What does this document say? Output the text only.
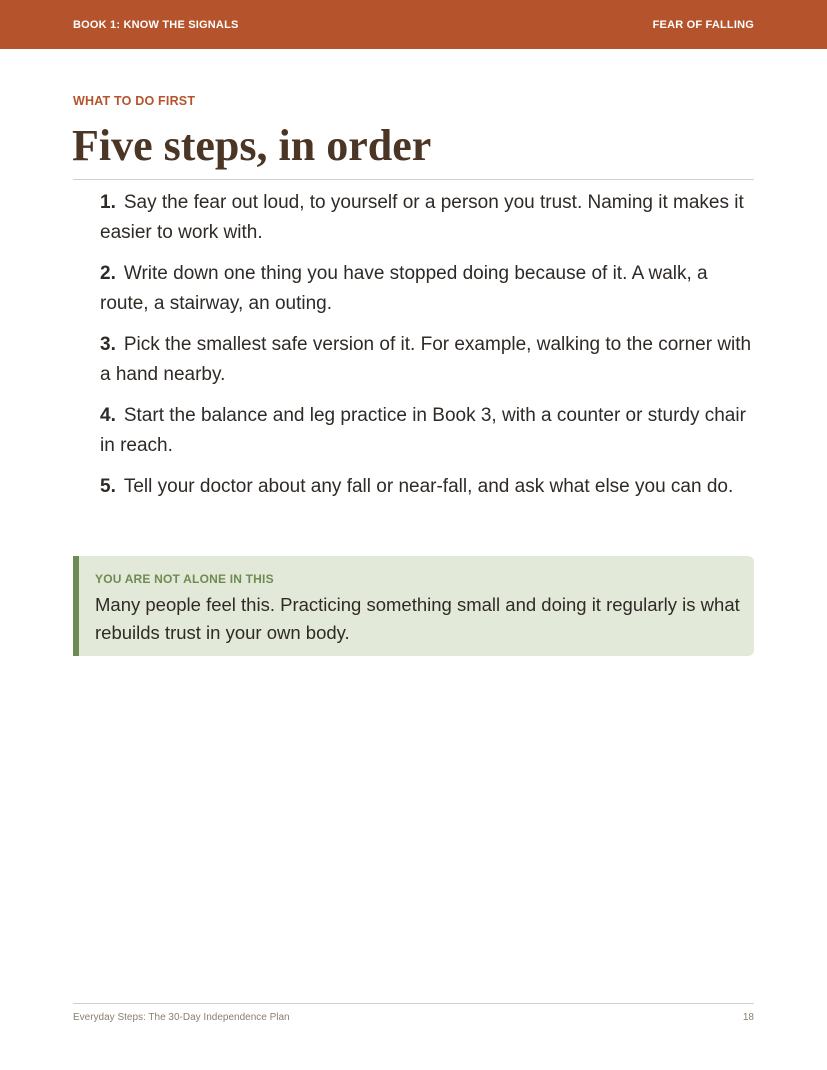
BOOK 1: KNOW THE SIGNALS	FEAR OF FALLING
WHAT TO DO FIRST
Five steps, in order
1. Say the fear out loud, to yourself or a person you trust. Naming it makes it easier to work with.
2. Write down one thing you have stopped doing because of it. A walk, a route, a stairway, an outing.
3. Pick the smallest safe version of it. For example, walking to the corner with a hand nearby.
4. Start the balance and leg practice in Book 3, with a counter or sturdy chair in reach.
5. Tell your doctor about any fall or near-fall, and ask what else you can do.
YOU ARE NOT ALONE IN THIS
Many people feel this. Practicing something small and doing it regularly is what rebuilds trust in your own body.
Everyday Steps: The 30-Day Independence Plan	18
